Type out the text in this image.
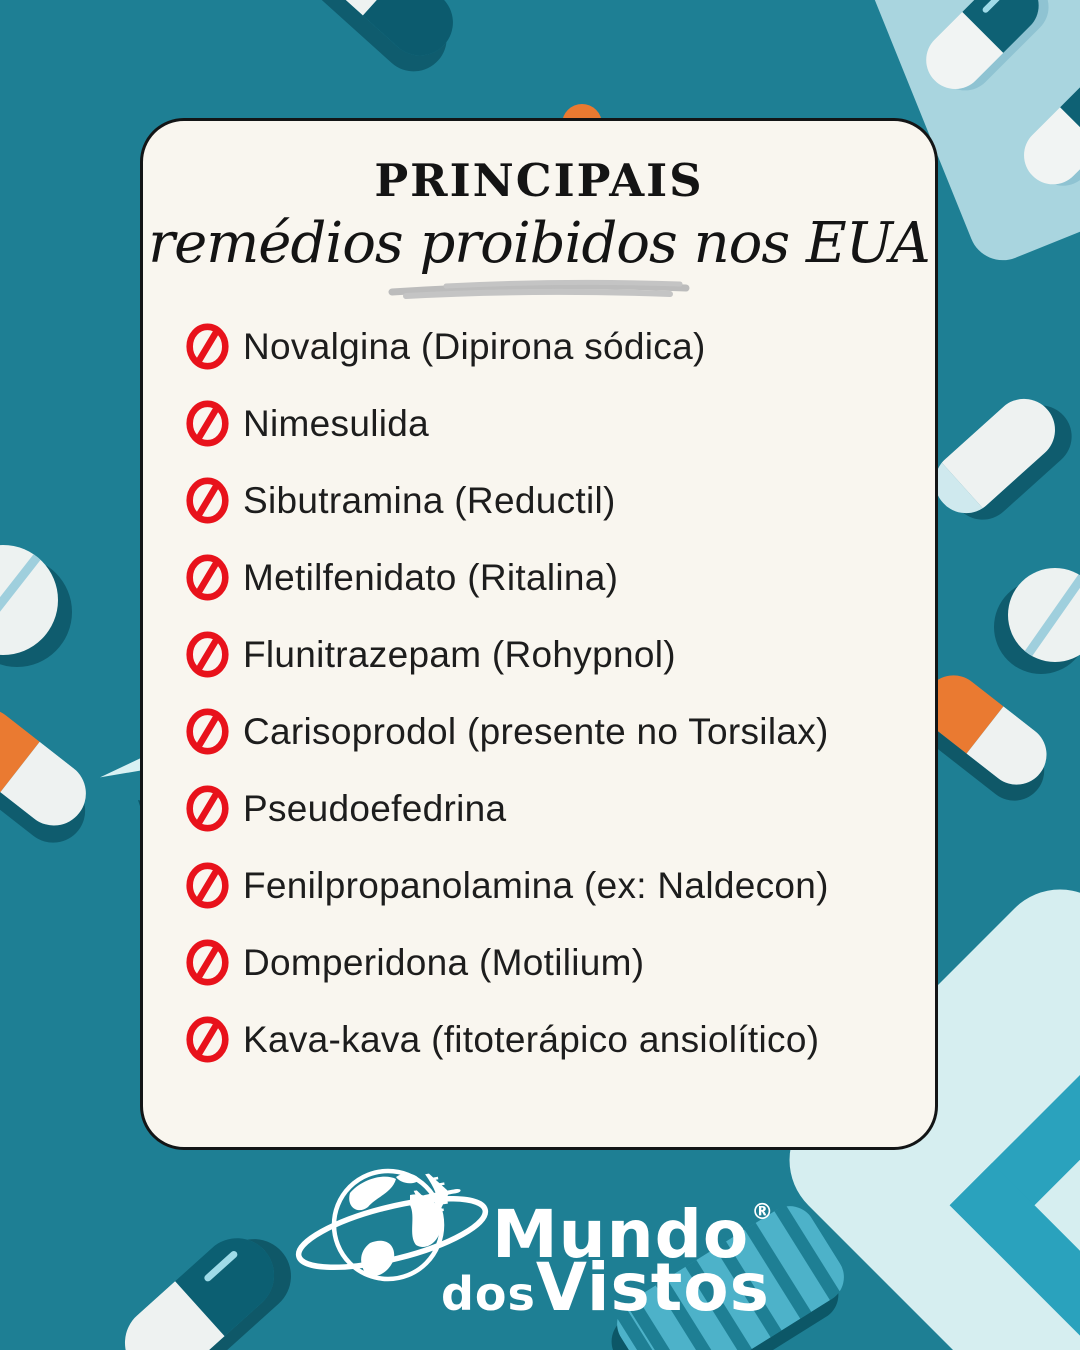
PRINCIPAIS
remédios proibidos nos EUA
Novalgina (Dipirona sódica)
Nimesulida
Sibutramina (Reductil)
Metilfenidato (Ritalina)
Flunitrazepam (Rohypnol)
Carisoprodol (presente no Torsilax)
Pseudoefedrina
Fenilpropanolamina (ex: Naldecon)
Domperidona (Motilium)
Kava-kava (fitoterápico ansiolítico)
✈ Mundo®
dos Vistos
